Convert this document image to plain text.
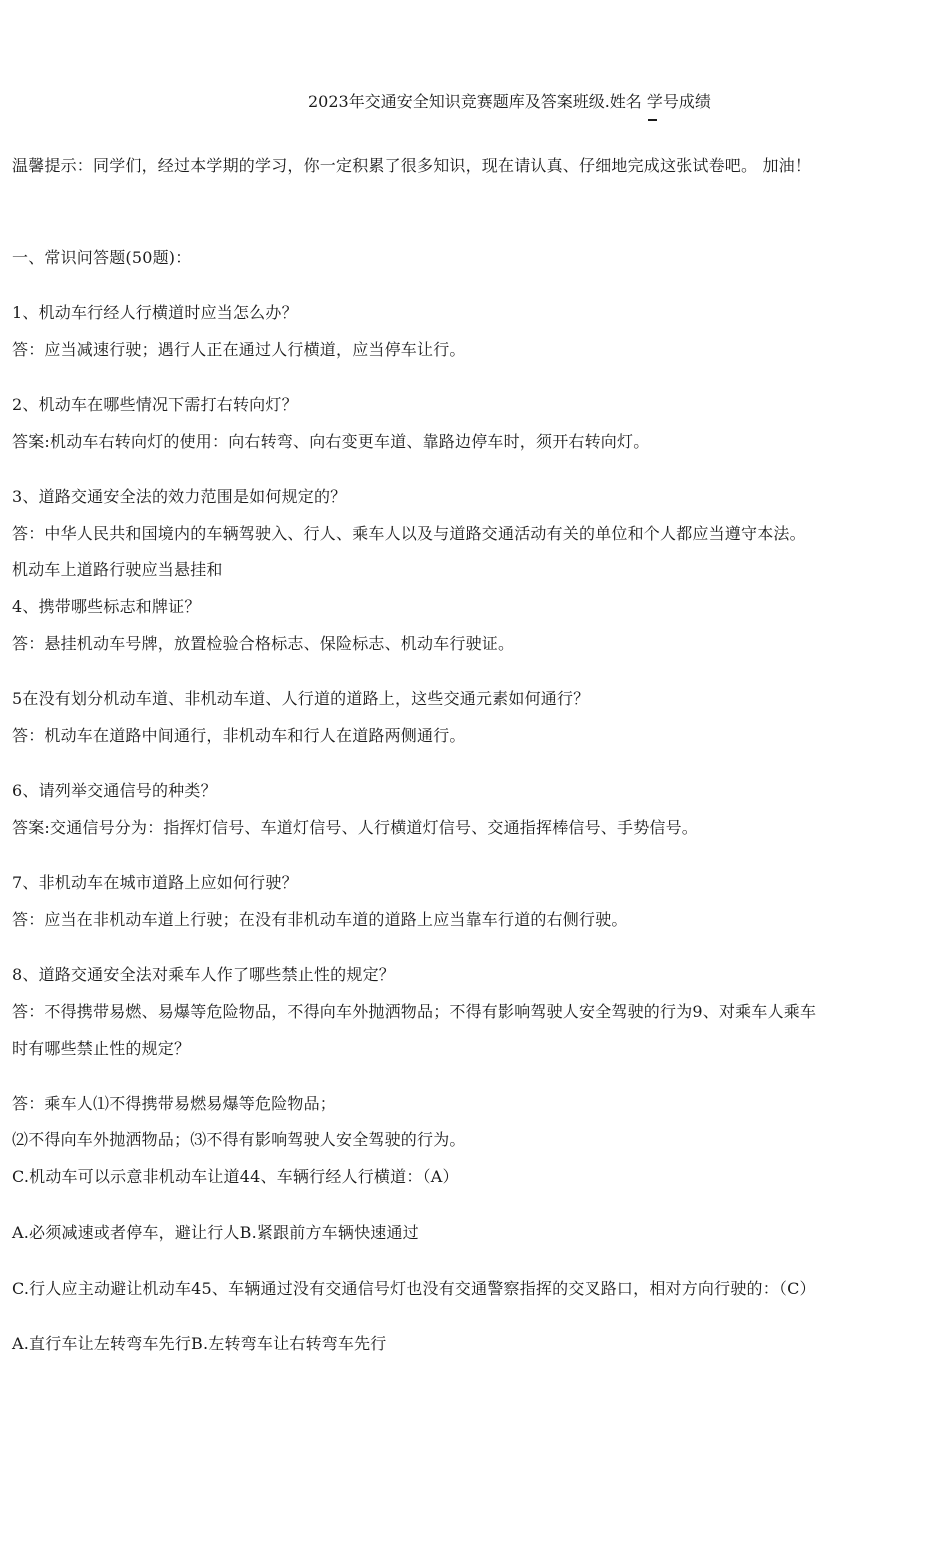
2023年交通安全知识竞赛题库及答案班级.姓名 学号成绩
温馨提示：同学们，经过本学期的学习，你一定积累了很多知识，现在请认真、仔细地完成这张试卷吧。 加油！
一、常识问答题(50题)：
1、机动车行经人行横道时应当怎么办？
答：应当减速行驶；遇行人正在通过人行横道，应当停车让行。
2、机动车在哪些情况下需打右转向灯？
答案:机动车右转向灯的使用：向右转弯、向右变更车道、靠路边停车时，须开右转向灯。
3、道路交通安全法的效力范围是如何规定的？
答：中华人民共和国境内的车辆驾驶入、行人、乘车人以及与道路交通活动有关的单位和个人都应当遵守本法。
机动车上道路行驶应当悬挂和
4、携带哪些标志和牌证？
答：悬挂机动车号牌，放置检验合格标志、保险标志、机动车行驶证。
5在没有划分机动车道、非机动车道、人行道的道路上，这些交通元素如何通行？
答：机动车在道路中间通行，非机动车和行人在道路两侧通行。
6、请列举交通信号的种类？
答案:交通信号分为：指挥灯信号、车道灯信号、人行横道灯信号、交通指挥棒信号、手势信号。
7、非机动车在城市道路上应如何行驶？
答：应当在非机动车道上行驶；在没有非机动车道的道路上应当靠车行道的右侧行驶。
8、道路交通安全法对乘车人作了哪些禁止性的规定？
答：不得携带易燃、易爆等危险物品，不得向车外抛洒物品；不得有影响驾驶人安全驾驶的行为9、对乘车人乘车
时有哪些禁止性的规定？
答：乘车人⑴不得携带易燃易爆等危险物品；
⑵不得向车外抛洒物品；⑶不得有影响驾驶人安全驾驶的行为。
C.机动车可以示意非机动车让道44、车辆行经人行横道：（A）
A.必须减速或者停车，避让行人B.紧跟前方车辆快速通过
C.行人应主动避让机动车45、车辆通过没有交通信号灯也没有交通警察指挥的交叉路口，相对方向行驶的：（C）
A.直行车让左转弯车先行B.左转弯车让右转弯车先行
